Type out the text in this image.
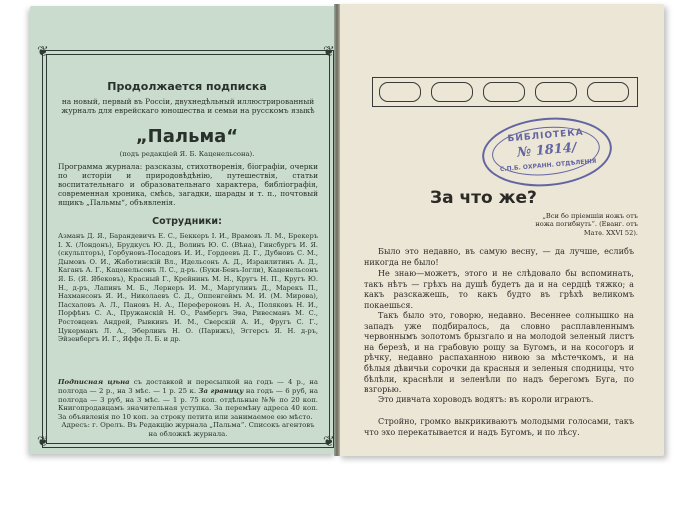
❦	❦
❦	❦
Продолжается подписка
на новый, первый въ Россіи, двухнедѣльный иллюстрированный журналъ для еврейскаго юношества и семьи на русскомъ языкѣ
„Пальма“
(подъ редакціей Я. Б. Каценельсона).
Программа журнала: разсказы, стихотворенія, біографіи, очерки по исторіи и природовѣдѣнію, путешествія, статьи воспитательнаго и образовательнаго характера, библіографія, современная хроника, смѣсь, загадки, шарады и т. п., почтовый ящикъ „Пальмы“, объявленія.
Сотрудники:
Азманъ Д. Я., Барандевичъ Е. С., Беккеръ І. И., Врамовъ Л. М., Брекеръ І. Х. (Лондонъ), Брудкусъ Ю. Д., Волинъ Ю. С. (Вѣна), Гинсбургъ И. Я. (скульпторъ), Горбуновъ-Посадовъ И. И., Гордеевъ Д. Г., Дубновъ С. М., Дымовъ О. И., Жаботинскій Вл., Идельсонъ А. Д., Израилитинъ А. Д., Каганъ А. Г., Каценельсонъ Л. С., д-ръ. (Буки-Бенъ-Іогли), Каценельсонъ Я. Б. (Я. Ябековъ), Красный Г., Крейнинъ М. Н., Кругъ Н. П., Кругъ Ю. Н., д-ръ, Лапинъ М. Б., Лернеръ И. М., Маргулинъ Д., Марекъ П., Нахмансонъ Я. И., Николаевъ С. Д., Оппенгеймъ М. И. (М. Мирова), Пасхаловъ А. Л., Пановъ Н. А., Перефероновъ Н. А., Поляковъ Н. И., Порфѣнъ С. А., Пружанскій Н. О., Рамбергъ Эва, Ривесманъ М. С., Ростовцевъ Андрей, Рывкинъ И. М., Сверскій А. И., Фругъ С. Г., Цукерманъ Л. А., Эберлинъ Н. О. (Парижъ), Эггерсъ Я. Н. д-ръ, Эйзенбергъ И. Г., Яффе Л. Б. и др.
Подписная цѣна съ доставкой и пересылкой на годъ — 4 р., на полгода — 2 р., на 3 мѣс. — 1 р. 25 к. За границу на годъ — 6 руб, на полгода — 3 руб, на 3 мѣс. — 1 р. 75 коп. отдѣльные №№ по 20 коп. Книгопродавцамъ значительная уступка. За перемѣну адреса 40 коп. За объявленія по 10 коп. за строку петита или занимаемое ею мѣсто.
Адресъ: г. Орелъ. Въ Редакцію журнала „Пальма“. Списокъ агентовъ на обложкѣ журнала.
БИБЛІОТЕКА
№ 1814/
С.П.Б. ОХРАНН. ОТДѢЛЕНІЯ
За что же?
„Вси бо пріемшіи ножъ отъ ножа погибнуть“. (Еванг. отъ Матѳ. XXVI 52).
Было это недавно, въ самую весну, — да лучше, еслибъ никогда не было!
Не знаю—можетъ, этого и не слѣдовало бы вспоминать, такъ нѣтъ — грѣхъ на душѣ будетъ да и на сердцѣ тяжко; а какъ разскажешь, то какъ будто въ грѣхѣ великомъ покаешься.
Такъ было это, говорю, недавно. Весеннее солнышко на западъ уже подбиралось, да словно расплавленнымъ червоннымъ золотомъ брызгало и на молодой зеленый листъ на березѣ, и на грабовую рощу за Бугомъ, и на косогоръ и рѣчку, недавно распаханною нивою за мѣстечкомъ, и на бѣлыя дѣвичьи сорочки да красныя и зеленыя сподницы, что бѣлѣли, краснѣли и зеленѣли по надъ берегомъ Буга, по взгорью.
Это дивчата хороводъ водятъ: въ короли играютъ.
Стройно, громко выкрикиваютъ молодыми голосами, такъ что эхо перекатывается и надъ Бугомъ, и по лѣсу.
